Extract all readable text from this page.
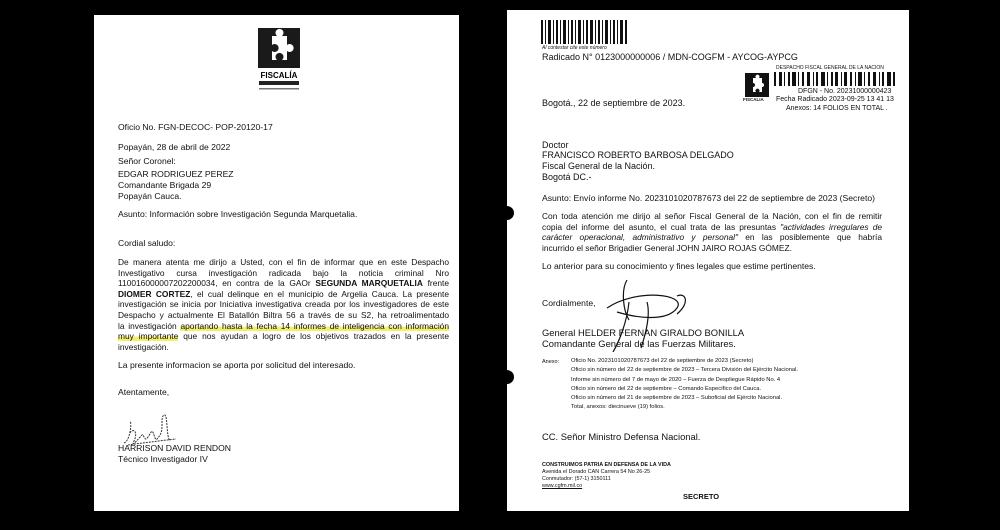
FISCALÍA
Oficio No. FGN-DECOC- POP-20120-17
Popayán, 28 de abril de 2022
Señor Coronel:
EDGAR RODRIGUEZ PEREZ
Comandante Brigada 29
Popayán Cauca.
Asunto: Información sobre Investigación Segunda Marquetalia.
Cordial saludo:
De manera atenta me dirijo a Usted, con el fin de informar que en este Despacho
Investigativo cursa investigación radicada bajo la noticia criminal Nro
110016000007202200034, en contra de la GAOr SEGUNDA MARQUETALIA frente
DIOMER CORTEZ, el cual delinque en el municipio de Argelia Cauca. La presente
investigación se inicia por Iniciativa investigativa creada por los investigadores de este
Despacho y actualmente El Batallón Biltra 56 a través de su S2, ha retroalimentado
la investigación aportando hasta la fecha 14 informes de inteligencia con información
muy importante que nos ayudan a logro de los objetivos trazados en la presente
investigación.
La presente informacion se aporta por solicitud del interesado.
Atentamente,
HARRISON DAVID RENDON
Técnico Investigador IV
Al contestar cite este número
Radicado N° 0123000000006 / MDN-COGFM - AYCOG-AYPCG
Bogotá., 22 de septiembre de 2023.
DESPACHO FISCAL GENERAL DE LA NACION
FISCALIA
DFGN - No. 20231000000423
Fecha Radicado 2023-09-25 13 41 13
Anexos: 14 FOLIOS EN TOTAL .
Doctor
FRANCISCO ROBERTO BARBOSA DELGADO
Fiscal General de la Nación.
Bogotá DC.-
Asunto: Envío informe No. 2023101020787673 del 22 de septiembre de 2023 (Secreto)
Con toda atención me dirijo al señor Fiscal General de la Nación, con el fin de remitir
copia del informe del asunto, el cual trata de las presuntas "actividades irregulares de
carácter operacional, administrativo y personal" en las posiblemente que habría
incurrido el señor Brigadier General JOHN JAIRO ROJAS GÓMEZ.
Lo anterior para su conocimiento y fines legales que estime pertinentes.
Cordialmente,
General HELDER FERNAN GIRALDO BONILLA
Comandante General de las Fuerzas Militares.
Anexo: Oficio No. 2023101020787673 del 22 de septiembre de 2023 (Secreto)
Oficio sin número del 22 de septiembre de 2023 – Tercera División del Ejército Nacional.
Informe sin número del 7 de mayo de 2020 – Fuerza de Despliegue Rápido No. 4
Oficio sin número del 22 de septiembre – Comando Específico del Cauca.
Oficio sin número del 21 de septiembre de 2023 – Suboficial del Ejército Nacional.
Total, anexos: diecinueve (19) folios.
CC. Señor Ministro Defensa Nacional.
CONSTRUIMOS PATRIA EN DEFENSA DE LA VIDA
Avenida el Dorado CAN Carrera 54 No 26-25
Conmutador: (57-1) 3150111
www.cgfm.mil.co
SECRETO
